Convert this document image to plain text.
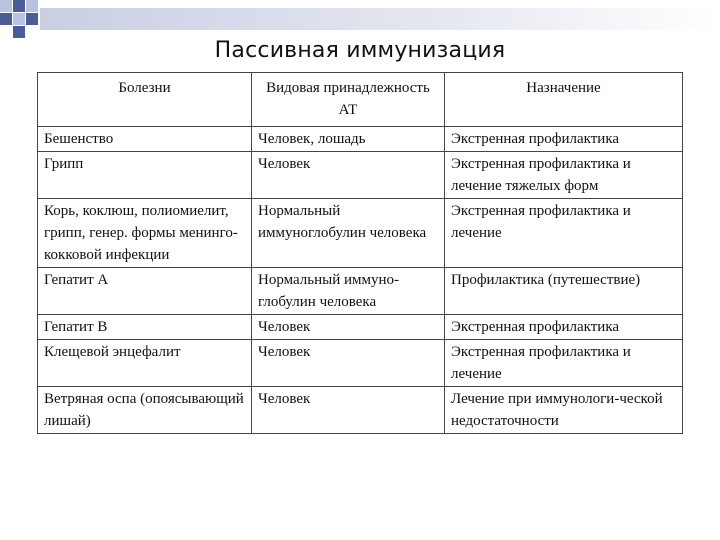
Пассивная иммунизация
Болезни	Видовая принадлежность АТ	Назначение
Бешенство	Человек, лошадь	Экстренная профилактика
Грипп	Человек	Экстренная профилактика и лечение тяжелых форм
Корь, коклюш, полиомиелит, грипп, генер. формы менинго-кокковой инфекции	Нормальный иммуноглобулин человека	Экстренная профилактика и лечение
Гепатит А	Нормальный иммуно-глобулин человека	Профилактика (путешествие)
Гепатит В	Человек	Экстренная профилактика
Клещевой энцефалит	Человек	Экстренная профилактика и лечение
Ветряная оспа (опоясывающий лишай)	Человек	Лечение при иммунологи-ческой недостаточности
